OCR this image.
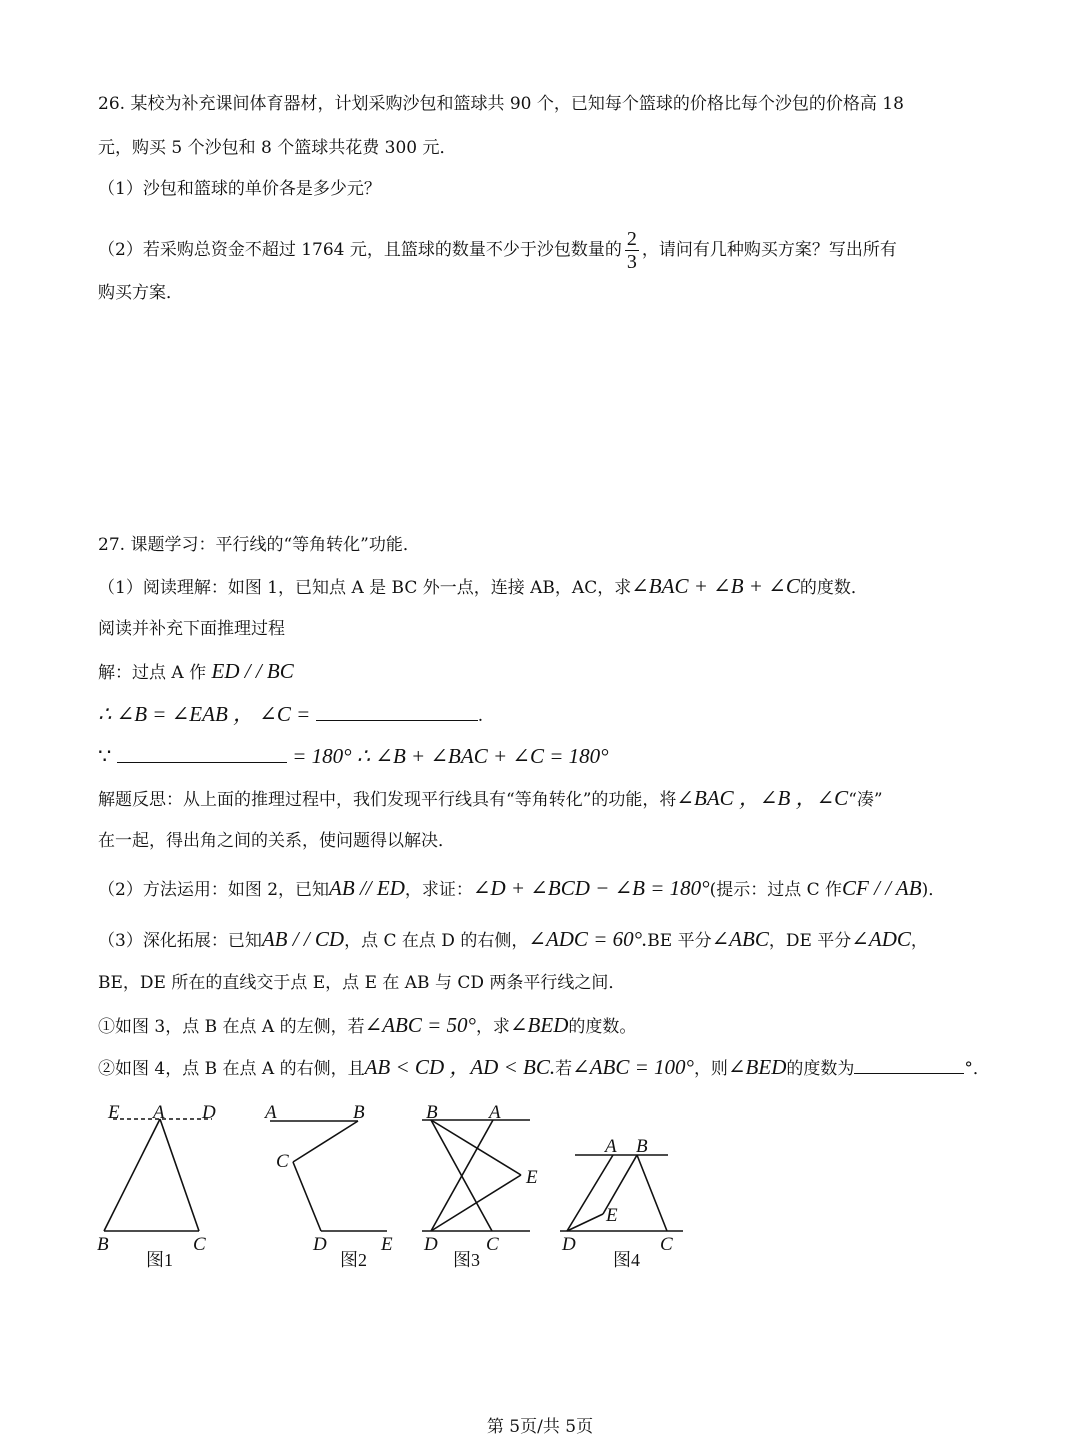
26. 某校为补充课间体育器材，计划采购沙包和篮球共 90 个，已知每个篮球的价格比每个沙包的价格高 18
元，购买 5 个沙包和 8 个篮球共花费 300 元．
（1）沙包和篮球的单价各是多少元？
（2）若采购总资金不超过 1764 元，且篮球的数量不少于沙包数量的 $\frac{2}{3}$ ，请问有几种购买方案？写出所有
购买方案．
27. 课题学习：平行线的“等角转化”功能．
（1）阅读理解：如图 1，已知点 A 是 BC 外一点，连接 AB，AC，求∠BAC + ∠B + ∠C的度数．
阅读并补充下面推理过程
解：过点 A 作 ED / / BC
∴ ∠B = ∠EAB ， ∠C =	.
∵	= 180° ∴ ∠B + ∠BAC + ∠C = 180°
解题反思：从上面的推理过程中，我们发现平行线具有“等角转化”的功能，将∠BAC ，∠B ，∠C“凑”
在一起，得出角之间的关系，使问题得以解决．
（2）方法运用：如图 2，已知AB // ED，求证：∠D + ∠BCD − ∠B = 180°(提示：过点 C 作CF / / AB)．
（3）深化拓展：已知AB / / CD，点 C 在点 D 的右侧，∠ADC = 60°.BE 平分∠ABC，DE 平分∠ADC，
BE，DE 所在的直线交于点 E，点 E 在 AB 与 CD 两条平行线之间．
①如图 3，点 B 在点 A 的左侧，若∠ABC = 50°，求∠BED的度数。
②如图 4，点 B 在点 A 的右侧，且AB < CD ，AD < BC.若∠ABC = 100°，则∠BED的度数为	°．
E A D
B	C
图1
A	B
C
D	E
图2
B	A
E
D	C
图3
A B
E
D	C
图4
第 5页/共 5页
